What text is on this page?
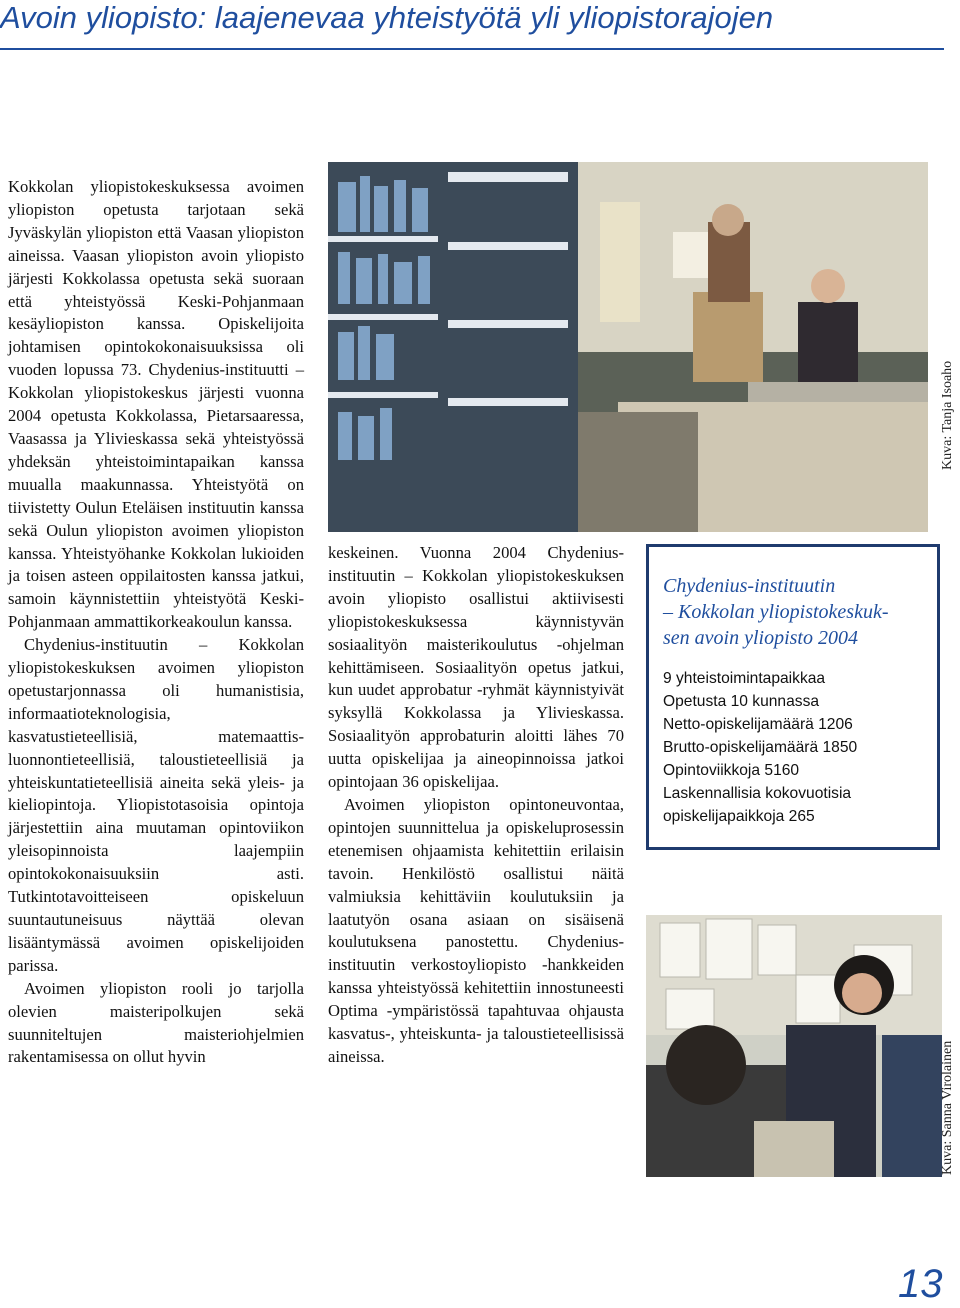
Avoin yliopisto: laajenevaa yhteistyötä yli yliopistorajojen

Kokkolan yliopistokeskuksessa avoimen yliopiston opetusta tarjotaan sekä Jyväskylän yliopiston että Vaasan yliopiston aineissa. Vaasan yliopiston avoin yliopisto järjesti Kokkolassa opetusta sekä suoraan että yhteistyössä Keski-Pohjanmaan kesäyliopiston kanssa. Opiskelijoita johtamisen opintokokonaisuuksissa oli vuoden lopussa 73. Chydenius-instituutti – Kokkolan yliopistokeskus järjesti vuonna 2004 opetusta Kokkolassa, Pietarsaaressa, Vaasassa ja Ylivieskassa sekä yhteistyössä yhdeksän yhteistoimintapaikan kanssa muualla maakunnassa. Yhteistyötä on tiivistetty Oulun Eteläisen instituutin kanssa sekä Oulun yliopiston avoimen yliopiston kanssa. Yhteistyöhanke Kokkolan lukioiden ja toisen asteen oppilaitosten kanssa jatkui, samoin käynnistettiin yhteistyötä Keski-Pohjanmaan ammattikorkeakoulun kanssa.

Chydenius-instituutin – Kokkolan yliopistokeskuksen avoimen yliopiston opetustarjonnassa oli humanistisia, informaatioteknologisia, kasvatustieteellisiä, matemaattis-luonnontieteellisiä, taloustieteellisiä ja yhteiskuntatieteellisiä aineita sekä yleis- ja kieliopintoja. Yliopistotasoisia opintoja järjestettiin aina muutaman opintoviikon yleisopinnoista laajempiin opintokokonaisuuksiin asti. Tutkintotavoitteiseen opiskeluun suuntautuneisuus näyttää olevan lisääntymässä avoimen opiskelijoiden parissa.

Avoimen yliopiston rooli jo tarjolla olevien maisteripolkujen sekä suunniteltujen maisteriohjelmien rakentamisessa on ollut hyvin

Kuva: Tanja Isoaho
Chydenius-instituutin
– Kokkolan yliopistokeskuk-
sen avoin yliopisto 2004
9 yhteistoimintapaikkaa
Opetusta 10 kunnassa
Netto-opiskelijamäärä 1206
Brutto-opiskelijamäärä 1850
Opintoviikkoja 5160
Laskennallisia kokovuotisia
opiskelijapaikkoja 265

keskeinen. Vuonna 2004 Chydenius-instituutin – Kokkolan yliopistokeskuksen avoin yliopisto osallistui aktiivisesti yliopistokeskuksessa käynnistyvän sosiaalityön maisterikoulutus -ohjelman kehittämiseen. Sosiaalityön opetus jatkui, kun uudet approbatur -ryhmät käynnistyivät syksyllä Kokkolassa ja Ylivieskassa. Sosiaalityön approbaturin aloitti lähes 70 uutta opiskelijaa ja aineopinnoissa jatkoi opintojaan 36 opiskelijaa.

Avoimen yliopiston opintoneuvontaa, opintojen suunnittelua ja opiskeluprosessin etenemisen ohjaamista kehitettiin erilaisin tavoin. Henkilöstö osallistui näitä valmiuksia kehittäviin koulutuksiin ja laatutyön osana asiaan on sisäisenä koulutuksena panostettu. Chydenius-instituutin verkostoyliopisto -hankkeiden kanssa yhteistyössä kehitettiin innostuneesti Optima -ympäristössä tapahtuvaa ohjausta kasvatus-, yhteiskunta- ja taloustieteellisissä aineissa.	Kuva: Sanna Virolainen
13
